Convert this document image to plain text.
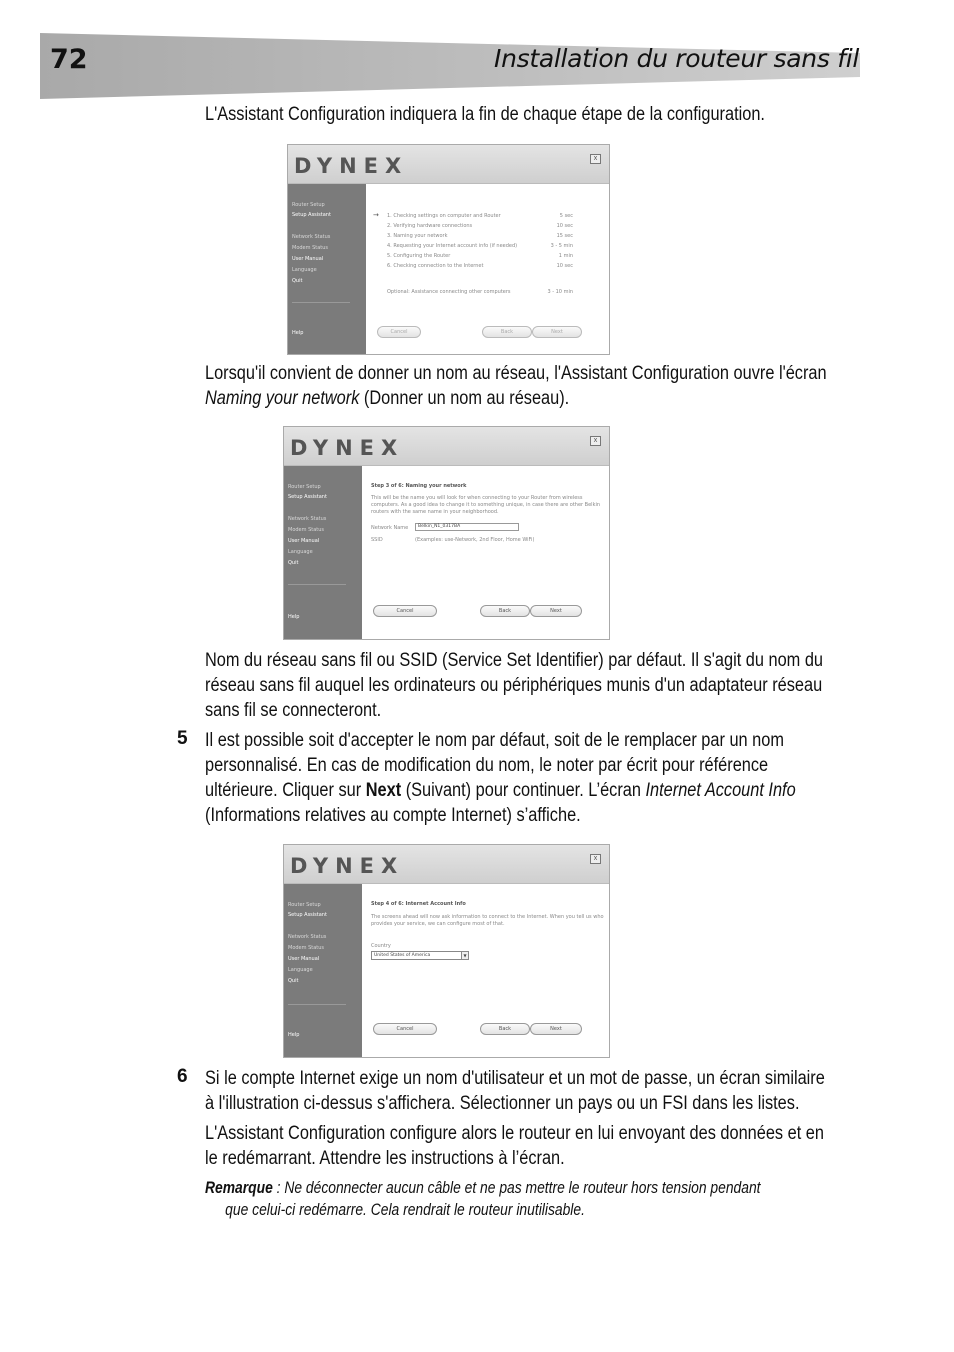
72	Installation du routeur sans fil
L'Assistant Configuration indiquera la fin de chaque étape de la configuration.
DYNEX	x
Router Setup
Setup Assistant
Network Status
Modem Status
User Manual
Language
Quit
Help
→ 1. Checking settings on computer and Router	5 sec
2. Verifying hardware connections	10 sec
3. Naming your network	15 sec
4. Requesting your Internet account info (if needed)	3 - 5 min
5. Configuring the Router	1 min
6. Checking connection to the Internet	10 sec
Optional: Assistance connecting other computers	3 - 10 min
Cancel	Back	Next
Lorsqu'il convient de donner un nom au réseau, l'Assistant Configuration ouvre l'écran
Naming your network (Donner un nom au réseau).
DYNEX	x
Router Setup
Setup Assistant
Network Status
Modem Status
User Manual
Language
Quit
Help
Step 3 of 6: Naming your network
This will be the name you will look for when connecting to your Router from wireless
computers. As a good idea to change it to something unique, in case there are other Belkin
routers with the same name in your neighborhood.
Network Name	Belkin_N1_0317BA
SSID	(Examples: use-Network, 2nd Floor, Home WiFi)
Cancel	Back	Next
Nom du réseau sans fil ou SSID (Service Set Identifier) par défaut. Il s'agit du nom du
réseau sans fil auquel les ordinateurs ou périphériques munis d'un adaptateur réseau
sans fil se connecteront.
5 Il est possible soit d'accepter le nom par défaut, soit de le remplacer par un nom
personnalisé. En cas de modification du nom, le noter par écrit pour référence
ultérieure. Cliquer sur Next (Suivant) pour continuer. L’écran Internet Account Info
(Informations relatives au compte Internet) s’affiche.
DYNEX	x
Router Setup
Setup Assistant
Network Status
Modem Status
User Manual
Language
Quit
Help
Step 4 of 6: Internet Account Info
The screens ahead will now ask information to connect to the Internet. When you tell us who
provides your service, we can configure most of that.
Country
United States of America	▼
Cancel	Back	Next
6 Si le compte Internet exige un nom d'utilisateur et un mot de passe, un écran similaire
à l'illustration ci-dessus s'affichera. Sélectionner un pays ou un FSI dans les listes.
L'Assistant Configuration configure alors le routeur en lui envoyant des données et en
le redémarrant. Attendre les instructions à l’écran.
Remarque : Ne déconnecter aucun câble et ne pas mettre le routeur hors tension pendant
que celui-ci redémarre. Cela rendrait le routeur inutilisable.
